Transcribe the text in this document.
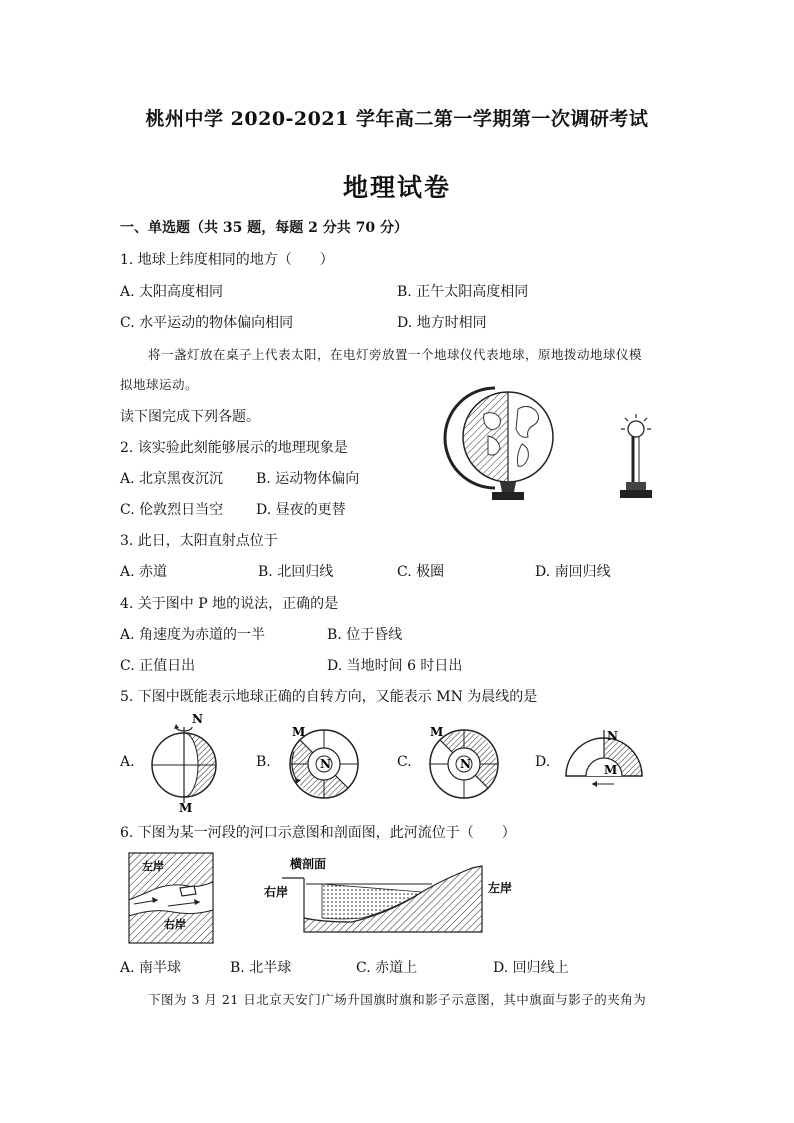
桃州中学 2020-2021 学年高二第一学期第一次调研考试
地理试卷
一、单选题（共 35 题，每题 2 分共 70 分）
1. 地球上纬度相同的地方（　　）
A. 太阳高度相同	B. 正午太阳高度相同
C. 水平运动的物体偏向相同	D. 地方时相同
将一盏灯放在桌子上代表太阳，在电灯旁放置一个地球仪代表地球，原地拨动地球仪模
拟地球运动。
读下图完成下列各题。
2. 该实验此刻能够展示的地理现象是
A. 北京黑夜沉沉 B. 运动物体偏向
C. 伦敦烈日当空 D. 昼夜的更替
3. 此日，太阳直射点位于
A. 赤道	B. 北回归线	C. 极圈	D. 南回归线
4. 关于图中 P 地的说法，正确的是
A. 角速度为赤道的一半	B. 位于昏线
C. 正值日出	D. 当地时间 6 时日出
5. 下图中既能表示地球正确的自转方向，又能表示 MN 为晨线的是
A.
N
M
B.
M
N	C.
M
N	D.
N
M
6. 下图为某一河段的河口示意图和剖面图，此河流位于（　　）
左岸
右岸
横剖面
右岸	左岸
A. 南半球	B. 北半球	C. 赤道上	D. 回归线上
下图为 3 月 21 日北京天安门广场升国旗时旗和影子示意图，其中旗面与影子的夹角为
